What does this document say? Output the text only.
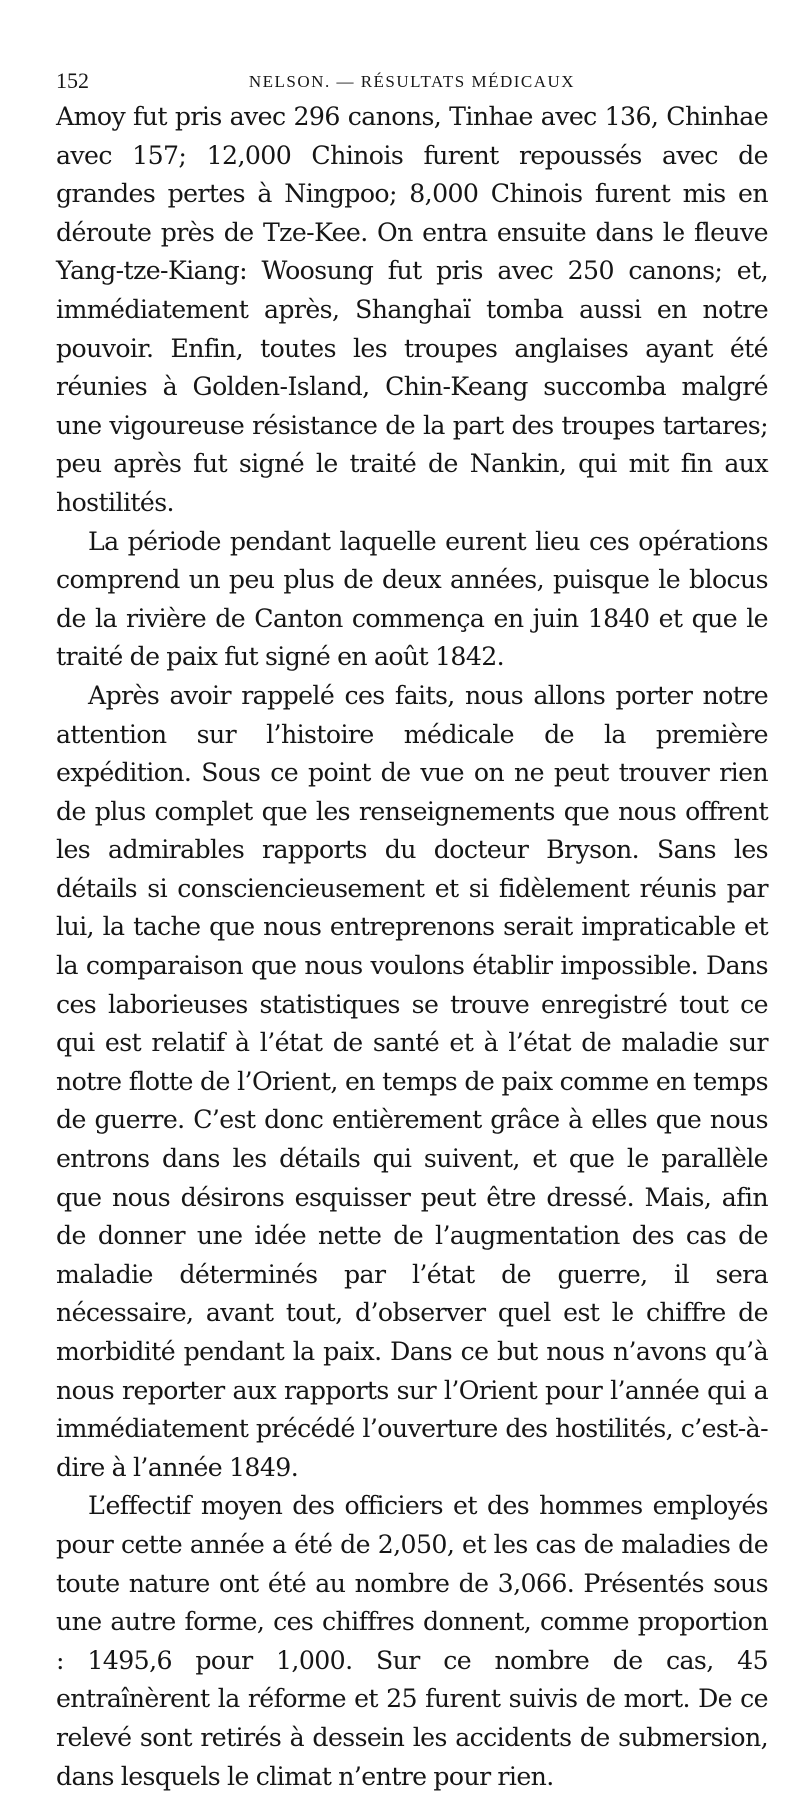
152	NELSON. — RÉSULTATS MÉDICAUX

Amoy fut pris avec 296 canons, Tinhae avec 136, Chinhae avec 157; 12,000 Chinois furent repoussés avec de grandes pertes à Ningpoo; 8,000 Chinois furent mis en déroute près de Tze-Kee. On entra ensuite dans le fleuve Yang-tze-Kiang: Woosung fut pris avec 250 canons; et, immédiatement après, Shanghaï tomba aussi en notre pouvoir. Enfin, toutes les troupes anglaises ayant été réunies à Golden-Island, Chin-Keang succomba malgré une vigoureuse résistance de la part des troupes tartares; peu après fut signé le traité de Nankin, qui mit fin aux hostilités.

La période pendant laquelle eurent lieu ces opérations comprend un peu plus de deux années, puisque le blocus de la rivière de Canton commença en juin 1840 et que le traité de paix fut signé en août 1842.

Après avoir rappelé ces faits, nous allons porter notre attention sur l’histoire médicale de la première expédition. Sous ce point de vue on ne peut trouver rien de plus complet que les renseignements que nous offrent les admirables rapports du docteur Bryson. Sans les détails si consciencieusement et si fidèlement réunis par lui, la tache que nous entreprenons serait impraticable et la comparaison que nous voulons établir impossible. Dans ces laborieuses statistiques se trouve enregistré tout ce qui est relatif à l’état de santé et à l’état de maladie sur notre flotte de l’Orient, en temps de paix comme en temps de guerre. C’est donc entièrement grâce à elles que nous entrons dans les détails qui suivent, et que le parallèle que nous désirons esquisser peut être dressé. Mais, afin de donner une idée nette de l’augmentation des cas de maladie déterminés par l’état de guerre, il sera nécessaire, avant tout, d’observer quel est le chiffre de morbidité pendant la paix. Dans ce but nous n’avons qu’à nous reporter aux rapports sur l’Orient pour l’année qui a immédiatement précédé l’ouverture des hostilités, c’est-à-dire à l’année 1849.

L’effectif moyen des officiers et des hommes employés pour cette année a été de 2,050, et les cas de maladies de toute nature ont été au nombre de 3,066. Présentés sous une autre forme, ces chiffres donnent, comme proportion : 1495,6 pour 1,000. Sur ce nombre de cas, 45 entraînèrent la réforme et 25 furent suivis de mort. De ce relevé sont retirés à dessein les accidents de submersion, dans lesquels le climat n’entre pour rien.
